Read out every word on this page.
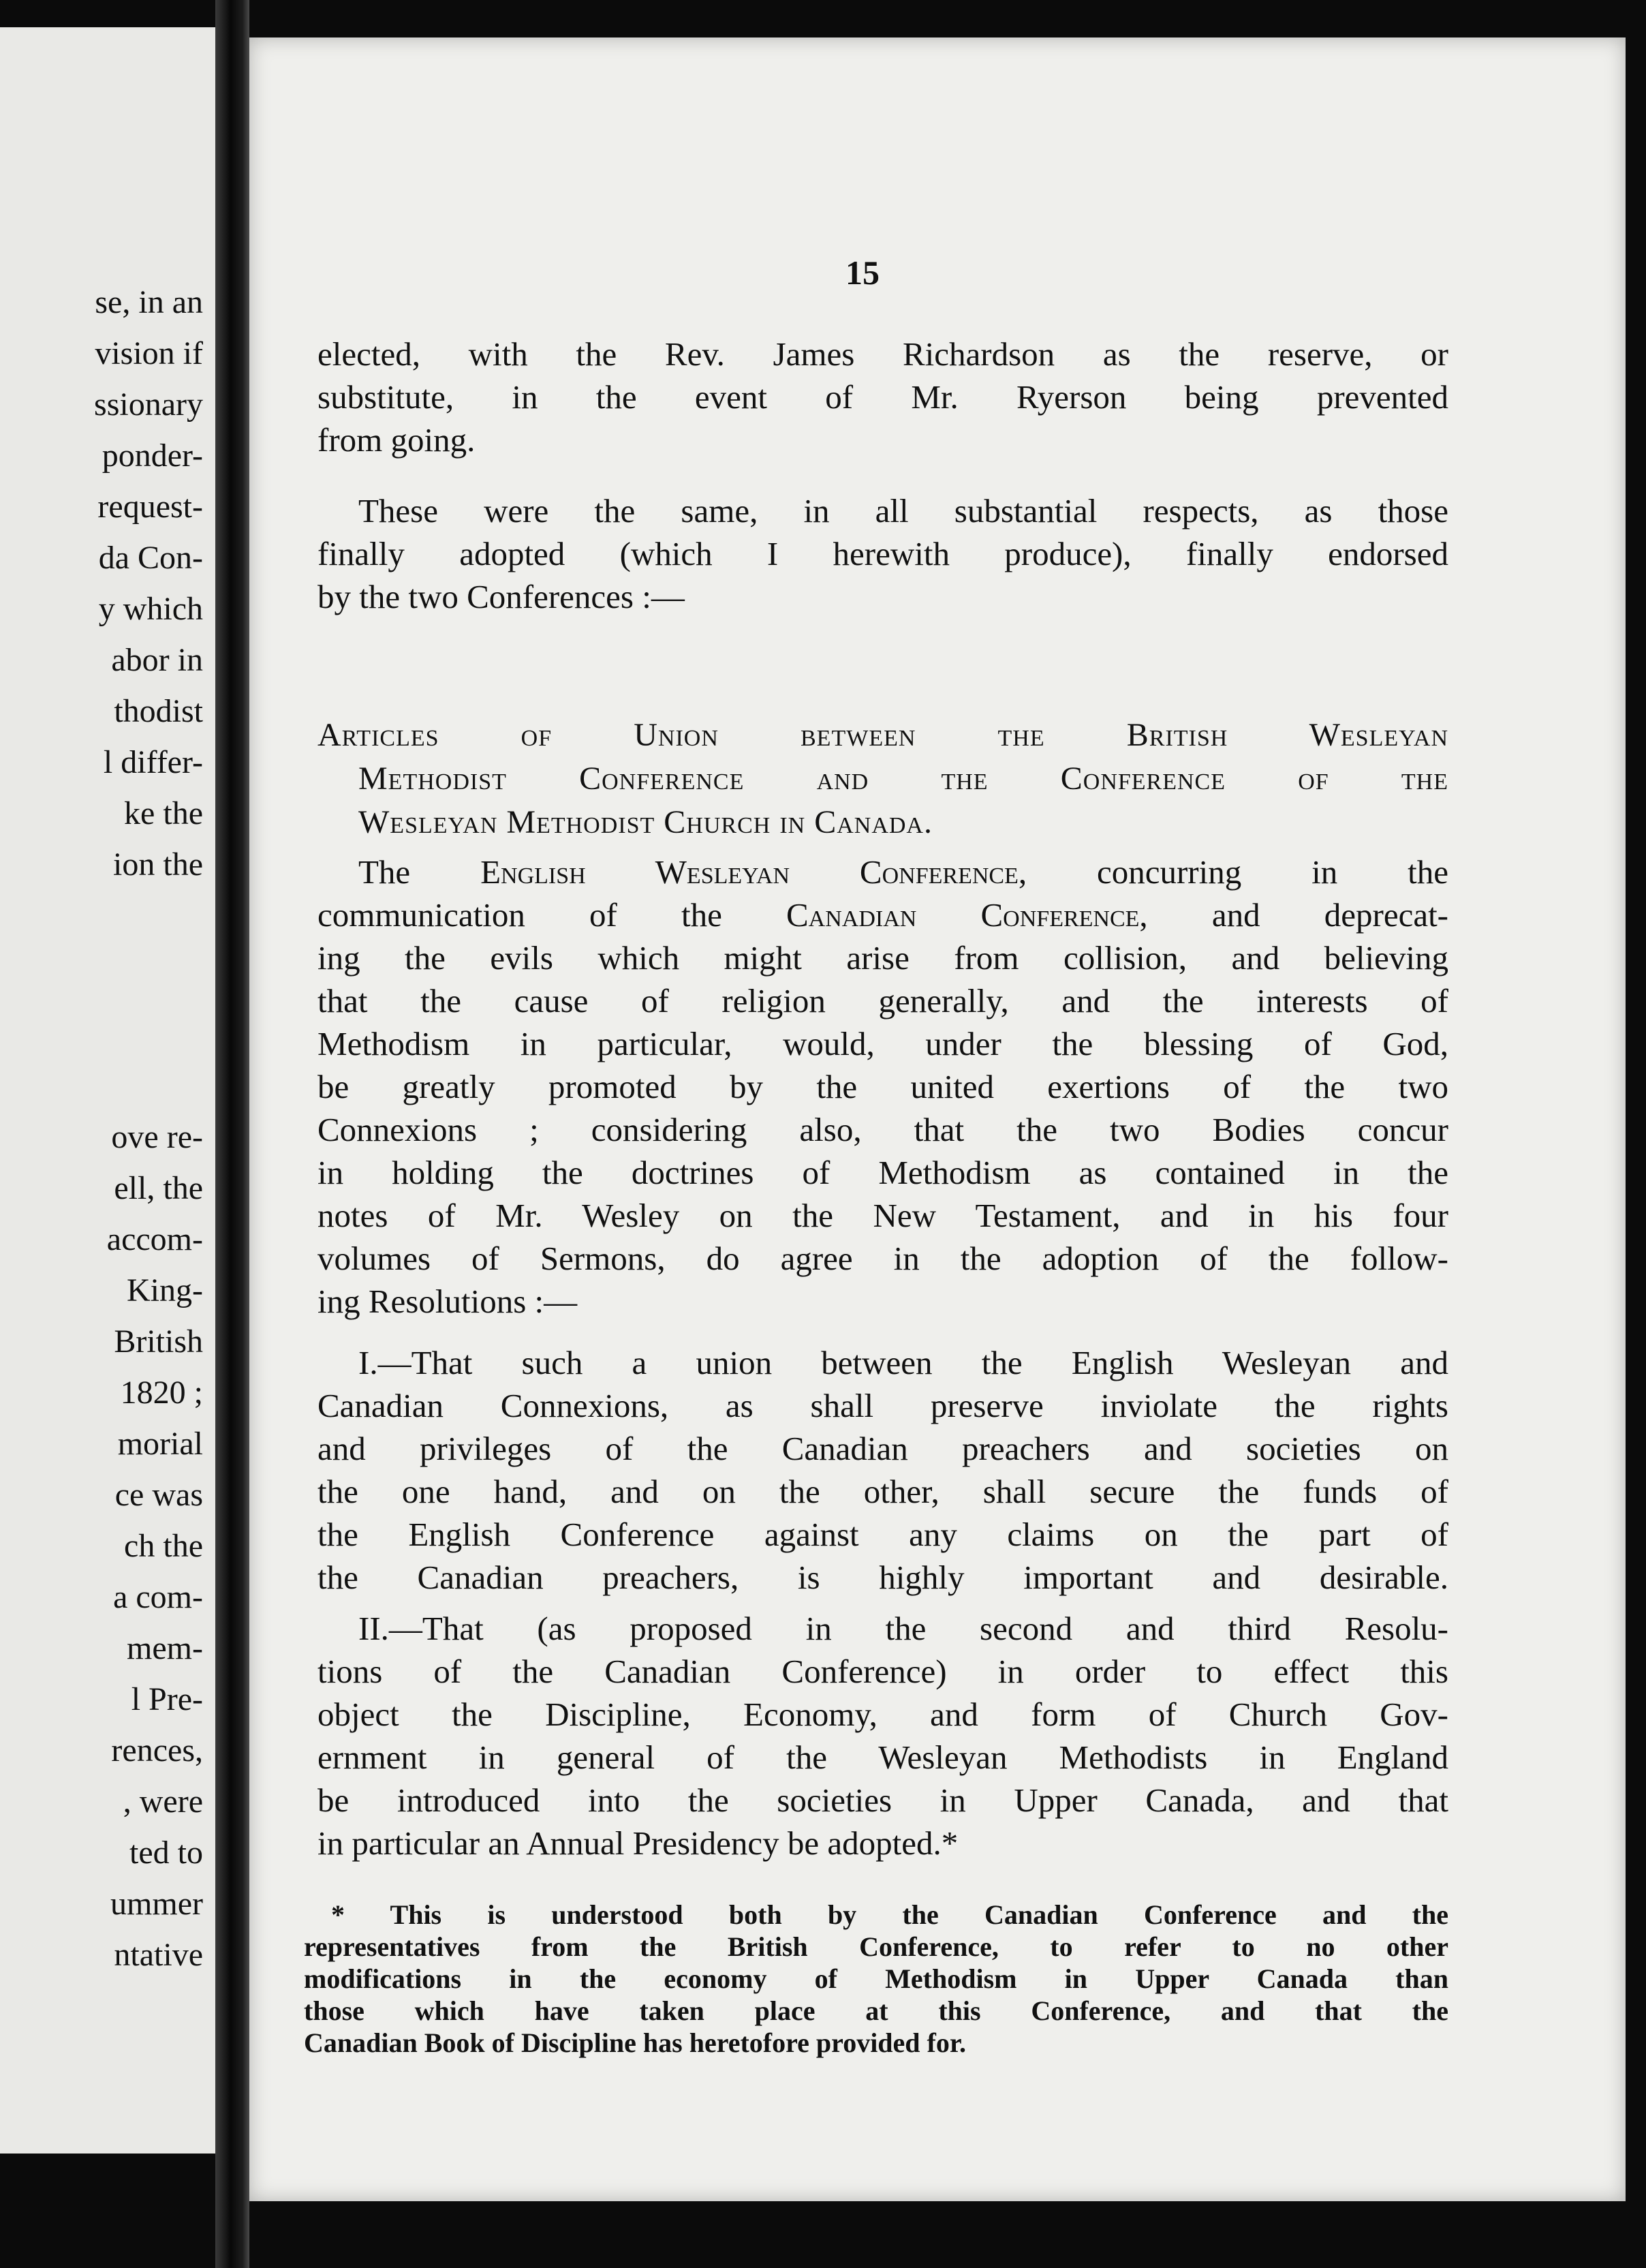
se, in an
vision if
ssionary
ponder-
request-
da Con-
y which
abor in
thodist
l differ-
ke the
ion the
ove re-
ell, the
accom-
King-
British
1820 ;
morial
ce was
ch the
a com-
mem-
l Pre-
rences,
, were
ted to
ummer
ntative
15
elected, with the Rev. James Richardson as the reserve, or
substitute, in the event of Mr. Ryerson being prevented
from going.
These were the same, in all substantial respects, as those
finally adopted (which I herewith produce), finally endorsed
by the two Conferences :—
Articles of Union between the British Wesleyan
Methodist Conference and the Conference of the
Wesleyan Methodist Church in Canada.
The English Wesleyan Conference, concurring in the
communication of the Canadian Conference, and deprecat-
ing the evils which might arise from collision, and believing
that the cause of religion generally, and the interests of
Methodism in particular, would, under the blessing of God,
be greatly promoted by the united exertions of the two
Connexions ; considering also, that the two Bodies concur
in holding the doctrines of Methodism as contained in the
notes of Mr. Wesley on the New Testament, and in his four
volumes of Sermons, do agree in the adoption of the follow-
ing Resolutions :—
I.—That such a union between the English Wesleyan and
Canadian Connexions, as shall preserve inviolate the rights
and privileges of the Canadian preachers and societies on
the one hand, and on the other, shall secure the funds of
the English Conference against any claims on the part of
the Canadian preachers, is highly important and desirable.
II.—That (as proposed in the second and third Resolu-
tions of the Canadian Conference) in order to effect this
object the Discipline, Economy, and form of Church Gov-
ernment in general of the Wesleyan Methodists in England
be introduced into the societies in Upper Canada, and that
in particular an Annual Presidency be adopted.*
* This is understood both by the Canadian Conference and the
representatives from the British Conference, to refer to no other
modifications in the economy of Methodism in Upper Canada than
those which have taken place at this Conference, and that the
Canadian Book of Discipline has heretofore provided for.
